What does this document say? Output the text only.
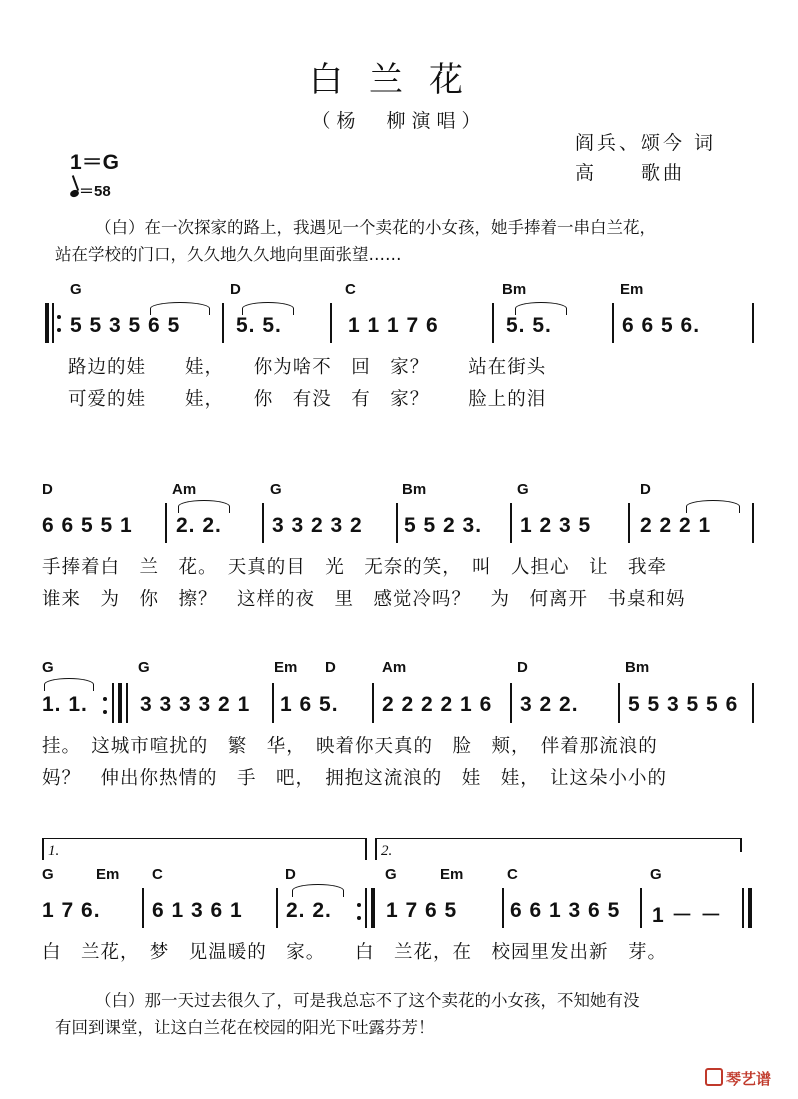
白兰花
（杨　柳演唱）
阎兵、颂今 词
高　　歌曲
1＝G
＝58
（白）在一次探家的路上，我遇见一个卖花的小女孩，她手捧着一串白兰花，
站在学校的门口，久久地久久地向里面张望……
G	D	C	Bm	Em
5 5 3 5 6 5	5. 5.	1 1 1 7 6	5. 5.	6 6 5 6.
路边的娃　　娃，　　你为啥不　回　家？　　站在街头
可爱的娃　　娃，　　你　有没　有　家？　　脸上的泪
D	Am	G	Bm	G	D
6 6 5 5 1 2. 2. 3 3 2 3 2 5 5 2 3. 1 2 3 5 2 2 2 1
手捧着白　兰　花。　天真的目　光　无奈的笑，　叫　人担心　让　我牵
谁来　为　你　擦？　这样的夜　里　感觉冷吗？　为　何离开　书桌和妈
G	G	Em D	Am	D	Bm
1. 1. 3 3 3 3 2 1 1 6 5. 2 2 2 2 1 6 3 2 2. 5 5 3 5 5 6
挂。　这城市喧扰的　繁　华，　映着你天真的　脸　颊，　伴着那流浪的
妈？　伸出你热情的　手　吧，　拥抱这流浪的　娃　娃，　让这朵小小的
1.	2.
G	Em C	D	G	Em	C	G
1 7 6. 6 1 3 6 1 2. 2.	1 7 6 5	6 6 1 3 6 5 1 － －
白　兰花，　梦　见温暖的　家。　　白　兰花，在　校园里发出新　芽。
（白）那一天过去很久了，可是我总忘不了这个卖花的小女孩，不知她有没
有回到课堂，让这白兰花在校园的阳光下吐露芬芳！
琴艺谱
